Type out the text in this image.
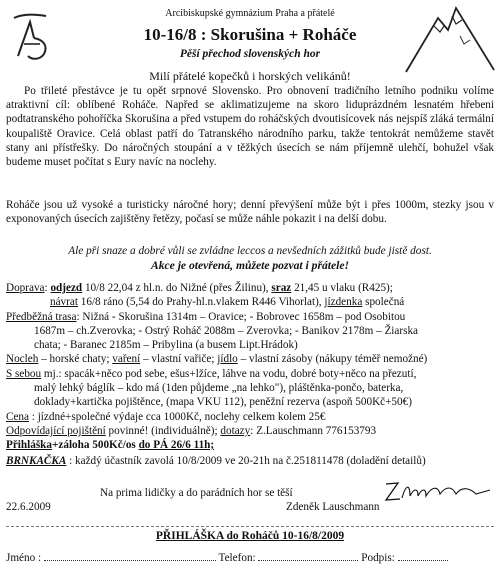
Arcibiskupské gymnázium Praha a přátelé
10-16/8 : Skorušina + Roháče
Pěší přechod slovenských hor
Milí přátelé kopečků i horských velikánů!
Po třileté přestávce je tu opět srpnové Slovensko. Pro obnovení tradičního letního podniku volíme atraktivní cíl: oblíbené Roháče. Napřed se aklimatizujeme na skoro liduprázdném lesnatém hřebeni podtatranského pohoříčka Skorušina a před vstupem do roháčských dvoutisícovek nás nejspíš zláká termální koupaliště Oravice. Celá oblast patří do Tatranského národního parku, takže tentokrát nemůžeme stavět stany ani přístřešky. Do náročných stoupání a v těžkých úsecích se nám příjemně ulehčí, bohužel však budeme muset počítat s Eury navíc na noclehy.
Roháče jsou už vysoké a turisticky náročné hory; denní převýšení může být i přes 1000m, stezky jsou v exponovaných úsecích zajištěny řetězy, počasí se může náhle pokazit i na delší dobu.
Ale při snaze a dobré vůli se zvládne leccos a nevšedních zážitků bude jistě dost.
Akce je otevřená, můžete pozvat i přátele!
Doprava: odjezd 10/8 22,04 z hl.n. do Nižné (přes Žilinu), sraz 21,45 u vlaku (R425);
návrat 16/8 ráno (5,54 do Prahy-hl.n.vlakem R446 Vihorlat), jízdenka společná
Předběžná trasa: Nižná - Skorušina 1314m – Oravice; - Bobrovec 1658m – pod Osobitou
1687m – ch.Zverovka; - Ostrý Roháč 2088m – Zverovka; - Banikov 2178m – Žiarska
chata; - Baranec 2185m – Pribylina (a busem Lipt.Hrádok)
Nocleh – horské chaty; vaření – vlastní vařiče; jídlo – vlastní zásoby (nákupy téměř nemožné)
S sebou mj.: spacák+něco pod sebe, ešus+lžíce, láhve na vodu, dobré boty+něco na přezutí,
malý lehký báglík – kdo má (1den půjdeme „na lehko"), pláštěnka-pončo, baterka,
doklady+kartička pojištěnce, (mapa VKU 112), peněžní rezerva (aspoň 500Kč+50€)
Cena : jízdné+společné výdaje cca 1000Kč, noclehy celkem kolem 25€
Odpovídající pojištění povinné! (individuálně); dotazy: Z.Lauschmann 776153793
Přihláška+záloha 500Kč/os do PÁ 26/6 11h;
BRNKAČKA : každý účastník zavolá 10/8/2009 ve 20-21h na č.251811478 (doladění detailů)
Na prima lidičky a do parádních hor se těší
22.6.2009	Zdeněk Lauschmann
PŘIHLÁŠKA do Roháčů 10-16/8/2009
Jméno :	Telefon:	Podpis:
